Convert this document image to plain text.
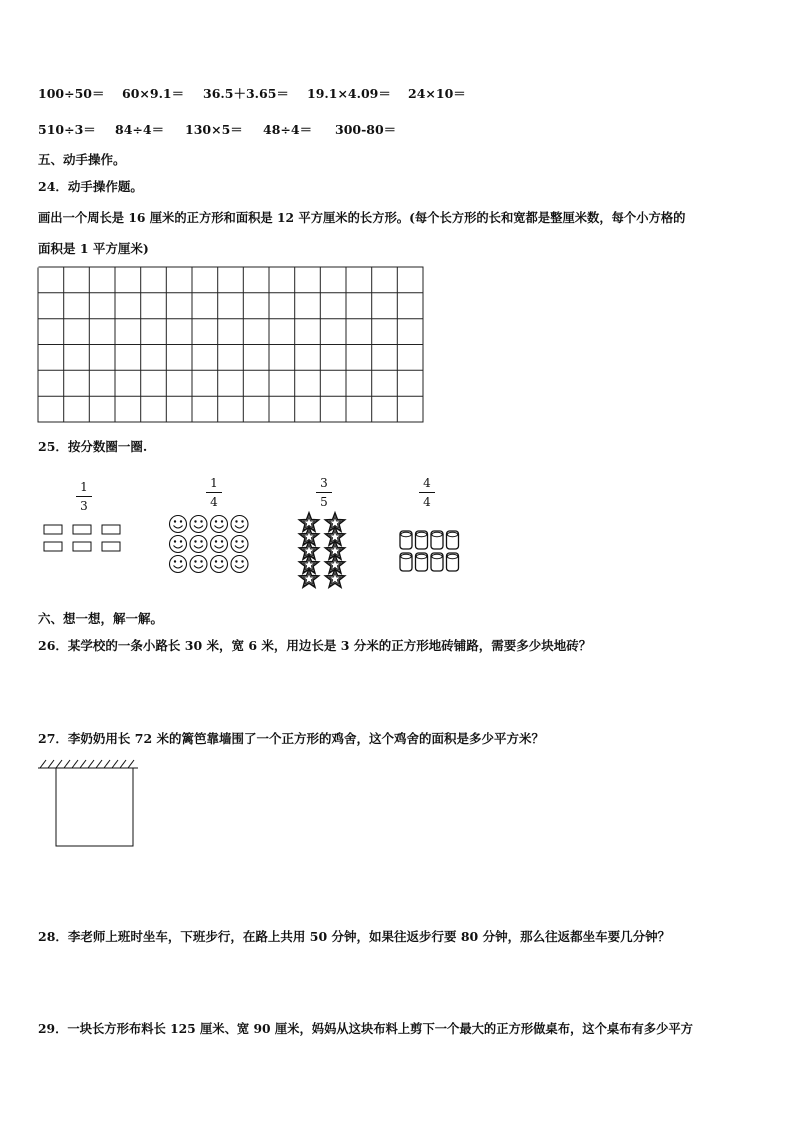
100÷50＝ 60×9.1＝ 36.5＋3.65＝ 19.1×4.09＝ 24×10＝
510÷3＝ 84÷4＝ 130×5＝ 48÷4＝ 300-80＝
五、动手操作。
24．动手操作题。
画出一个周长是 16 厘米的正方形和面积是 12 平方厘米的长方形。(每个长方形的长和宽都是整厘米数，每个小方格的
面积是 1 平方厘米)
25．按分数圈一圈.
1
3
1
4
3
5
4
4
六、想一想，解一解。
26．某学校的一条小路长 30 米，宽 6 米，用边长是 3 分米的正方形地砖铺路，需要多少块地砖？
27．李奶奶用长 72 米的篱笆靠墙围了一个正方形的鸡舍，这个鸡舍的面积是多少平方米？
28．李老师上班时坐车，下班步行，在路上共用 50 分钟，如果往返步行要 80 分钟，那么往返都坐车要几分钟？
29．一块长方形布料长 125 厘米、宽 90 厘米，妈妈从这块布料上剪下一个最大的正方形做桌布，这个桌布有多少平方
